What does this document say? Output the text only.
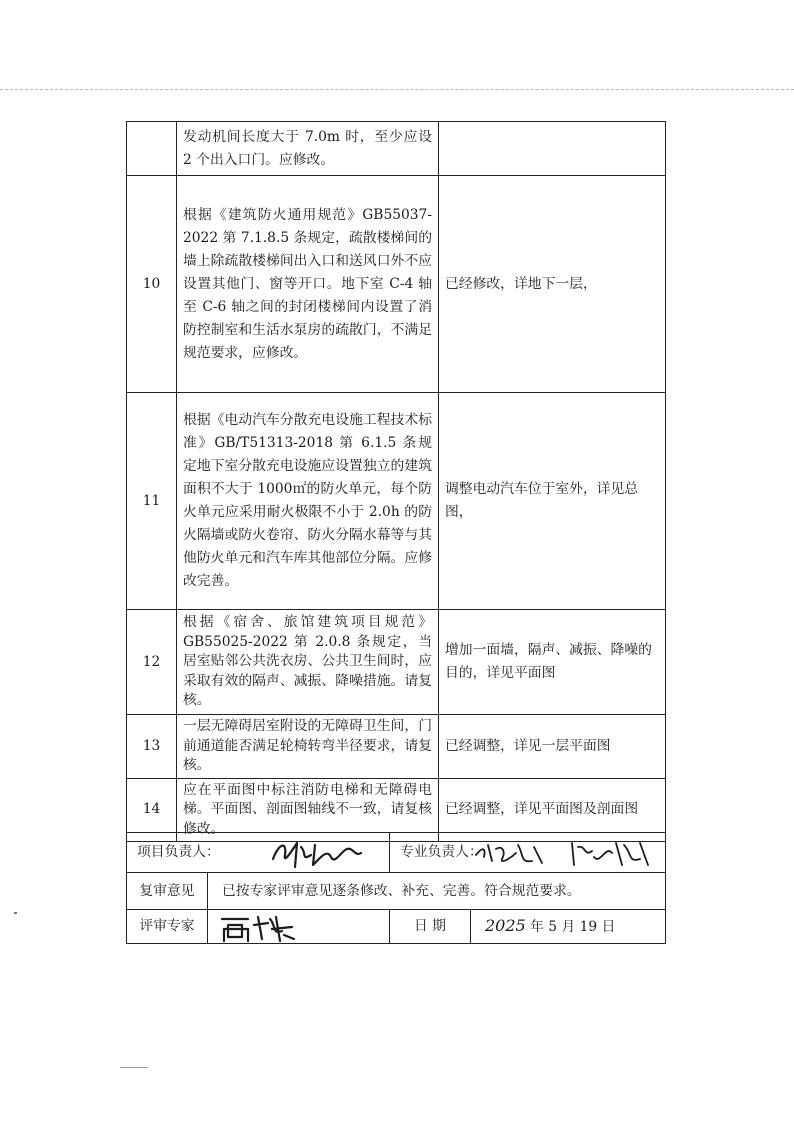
	发动机间长度大于 7.0m 时，至少应设 2 个出入口门。应修改。	
10	根据《建筑防火通用规范》GB55037-2022 第 7.1.8.5 条规定，疏散楼梯间的墙上除疏散楼梯间出入口和送风口外不应设置其他门、窗等开口。地下室 C-4 轴至 C-6 轴之间的封闭楼梯间内设置了消防控制室和生活水泵房的疏散门，不满足规范要求，应修改。	已经修改，详地下一层，
11	根据《电动汽车分散充电设施工程技术标准》GB/T51313-2018 第 6.1.5 条规定地下室分散充电设施应设置独立的建筑面积不大于 1000㎡的防火单元，每个防火单元应采用耐火极限不小于 2.0h 的防火隔墙或防火卷帘、防火分隔水幕等与其他防火单元和汽车库其他部位分隔。应修改完善。	调整电动汽车位于室外，详见总图，
12	根据《宿舍、旅馆建筑项目规范》GB55025-2022 第 2.0.8 条规定，当居室贴邻公共洗衣房、公共卫生间时，应采取有效的隔声、减振、降噪措施。请复核。	增加一面墙，隔声、减振、降噪的目的，详见平面图
13	一层无障碍居室附设的无障碍卫生间，门前通道能否满足轮椅转弯半径要求，请复核。	已经调整，详见一层平面图
14	应在平面图中标注消防电梯和无障碍电梯。平面图、剖面图轴线不一致，请复核修改。	已经调整，详见平面图及剖面图
项目负责人：		专业负责人：	

复审意见	已按专家评审意见逐条修改、补充、完善。符合规范要求。		
评审专家		日 期	2025 年 5 月 19 日
